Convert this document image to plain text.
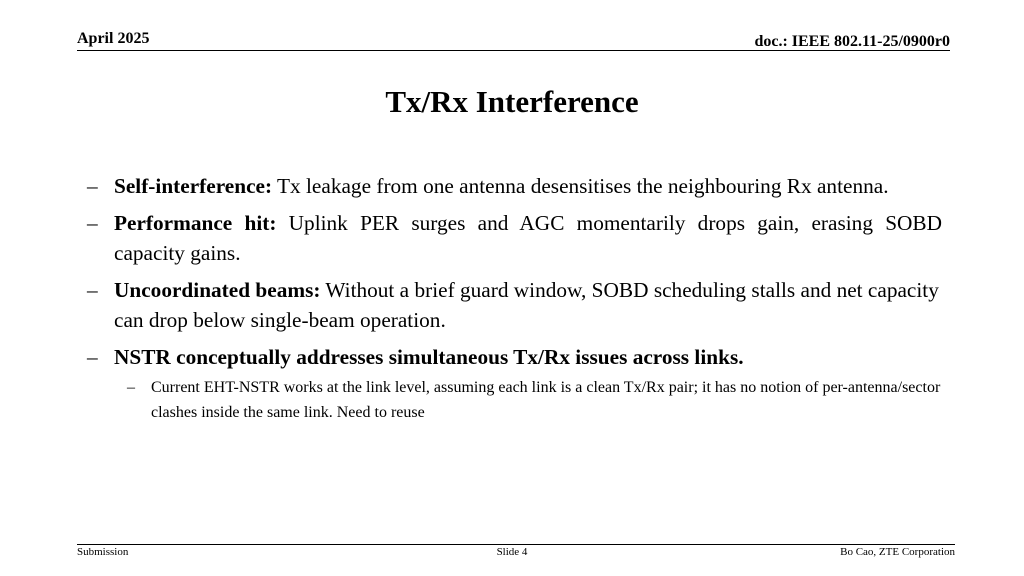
April 2025	doc.: IEEE 802.11-25/0900r0
Tx/Rx Interference
– Self-interference: Tx leakage from one antenna desensitises the neighbouring Rx antenna.
– Performance hit: Uplink PER surges and AGC momentarily drops gain, erasing SOBD capacity gains.
– Uncoordinated beams: Without a brief guard window, SOBD scheduling stalls and net capacity can drop below single-beam operation.
– NSTR conceptually addresses simultaneous Tx/Rx issues across links.
– Current EHT-NSTR works at the link level, assuming each link is a clean Tx/Rx pair; it has no notion of per-antenna/sector clashes inside the same link. Need to reuse
Submission	Slide 4	Bo Cao, ZTE Corporation
